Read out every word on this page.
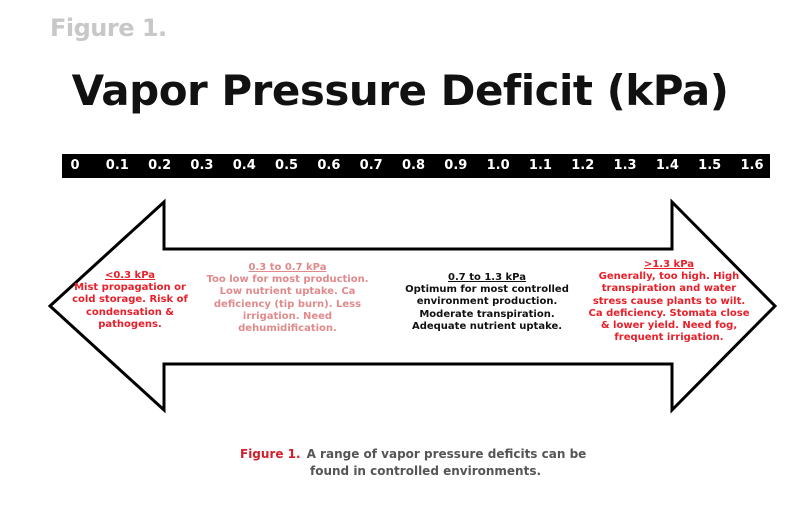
Figure 1.
Vapor Pressure Deficit (kPa)
0	0.1	0.2	0.3	0.4	0.5	0.6	0.7	0.8	0.9	1.0	1.1	1.2	1.3	1.4	1.5	1.6
<0.3 kPa
Mist propagation or cold storage. Risk of condensation & pathogens.
0.3 to 0.7 kPa
Too low for most production. Low nutrient uptake. Ca deficiency (tip burn). Less irrigation. Need dehumidification.
0.7 to 1.3 kPa
Optimum for most controlled environment production. Moderate transpiration. Adequate nutrient uptake.
>1.3 kPa
Generally, too high. High transpiration and water stress cause plants to wilt. Ca deficiency. Stomata close & lower yield. Need fog, frequent irrigation.
Figure 1. A range of vapor pressure deficits can be
found in controlled environments.
